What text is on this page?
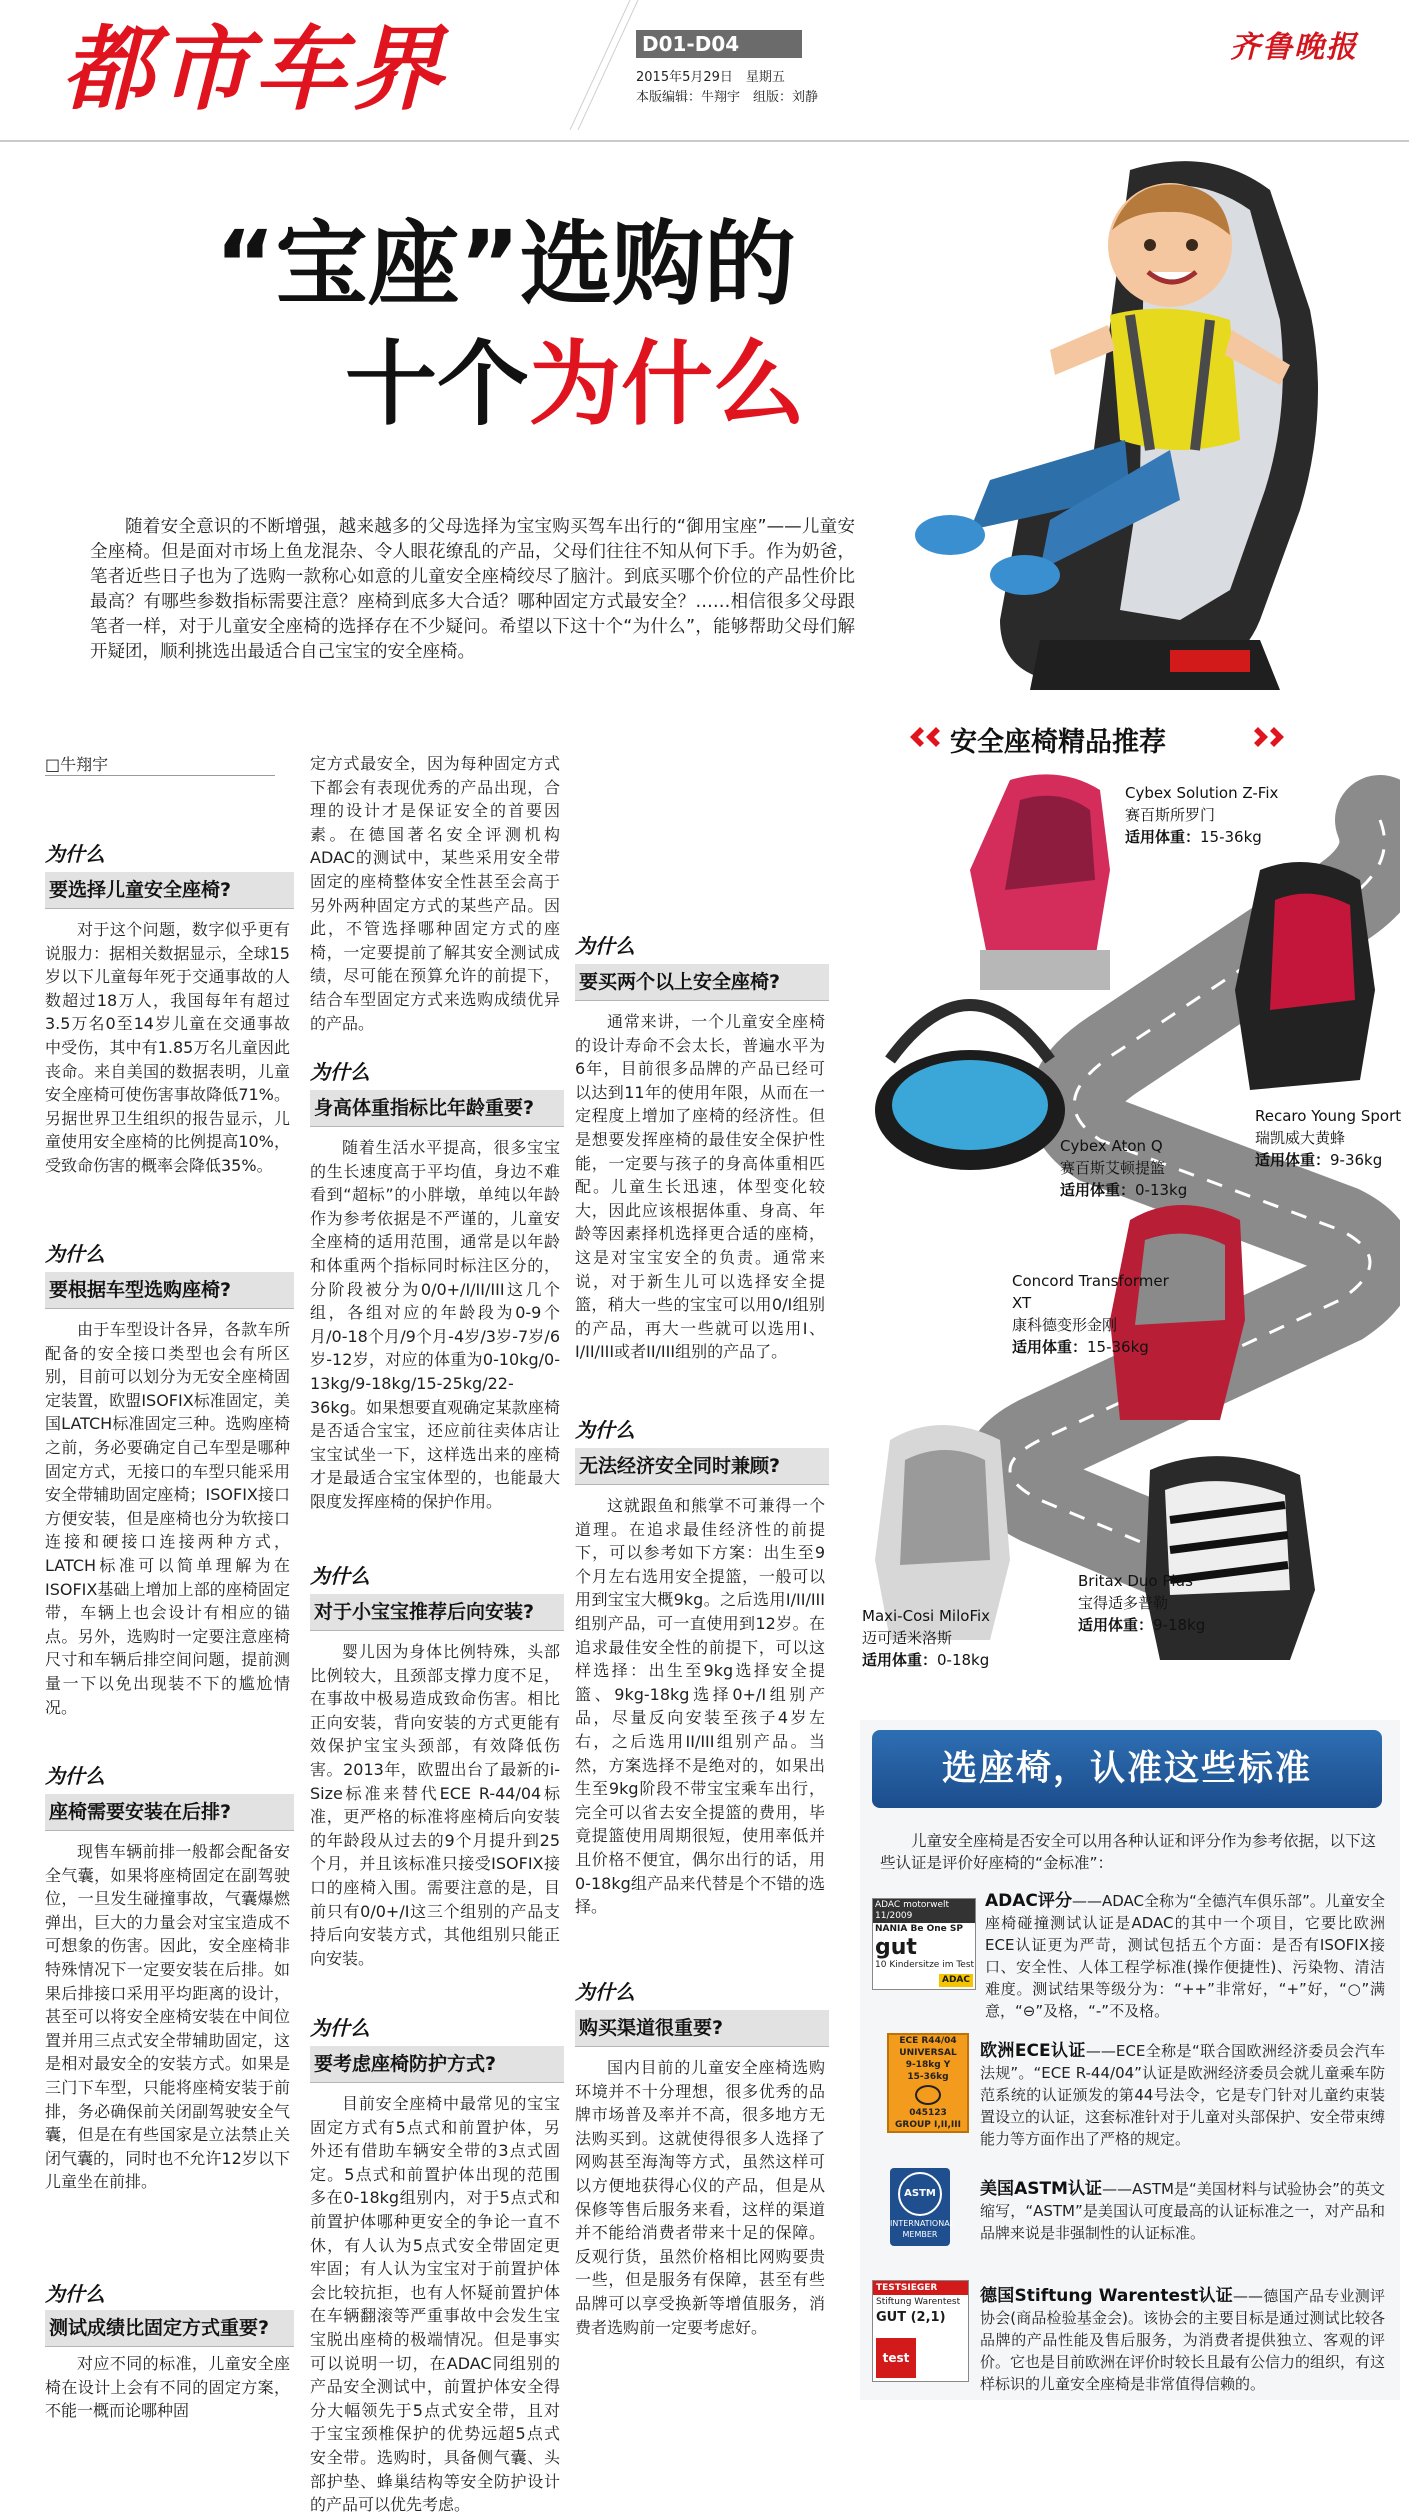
都市车界	D01-D04
2015年5月29日　星期五
本版编辑：牛翔宇　组版：刘静
齐鲁晚报
“宝座”选购的
十个为什么
随着安全意识的不断增强，越来越多的父母选择为宝宝购买驾车出行的“御用宝座”——儿童安全座椅。但是面对市场上鱼龙混杂、令人眼花缭乱的产品，父母们往往不知从何下手。作为奶爸，笔者近些日子也为了选购一款称心如意的儿童安全座椅绞尽了脑汁。到底买哪个价位的产品性价比最高？有哪些参数指标需要注意？座椅到底多大合适？哪种固定方式最安全？……相信很多父母跟笔者一样，对于儿童安全座椅的选择存在不少疑问。希望以下这十个“为什么”，能够帮助父母们解开疑团，顺利挑选出最适合自己宝宝的安全座椅。
□牛翔宇
为什么
要选择儿童安全座椅?

对于这个问题，数字似乎更有说服力：据相关数据显示，全球15岁以下儿童每年死于交通事故的人数超过18万人，我国每年有超过3.5万名0至14岁儿童在交通事故中受伤，其中有1.85万名儿童因此丧命。来自美国的数据表明，儿童安全座椅可使伤害事故降低71%。另据世界卫生组织的报告显示，儿童使用安全座椅的比例提高10%，受致命伤害的概率会降低35%。

为什么
要根据车型选购座椅?

由于车型设计各异，各款车所配备的安全接口类型也会有所区别，目前可以划分为无安全座椅固定装置，欧盟ISOFIX标准固定，美国LATCH标准固定三种。选购座椅之前，务必要确定自己车型是哪种固定方式，无接口的车型只能采用安全带辅助固定座椅；ISOFIX接口方便安装，但是座椅也分为软接口连接和硬接口连接两种方式，LATCH标准可以简单理解为在ISOFIX基础上增加上部的座椅固定带，车辆上也会设计有相应的锚点。另外，选购时一定要注意座椅尺寸和车辆后排空间问题，提前测量一下以免出现装不下的尴尬情况。

为什么
座椅需要安装在后排?

现售车辆前排一般都会配备安全气囊，如果将座椅固定在副驾驶位，一旦发生碰撞事故，气囊爆燃弹出，巨大的力量会对宝宝造成不可想象的伤害。因此，安全座椅非特殊情况下一定要安装在后排。如果后排接口采用平均距离的设计，甚至可以将安全座椅安装在中间位置并用三点式安全带辅助固定，这是相对最安全的安装方式。如果是三门下车型，只能将座椅安装于前排，务必确保前关闭副驾驶安全气囊，但是在有些国家是立法禁止关闭气囊的，同时也不允许12岁以下儿童坐在前排。

为什么
测试成绩比固定方式重要?

对应不同的标准，儿童安全座椅在设计上会有不同的固定方案，不能一概而论哪种固

定方式最安全，因为每种固定方式下都会有表现优秀的产品出现，合理的设计才是保证安全的首要因素。在德国著名安全评测机构ADAC的测试中，某些采用安全带固定的座椅整体安全性甚至会高于另外两种固定方式的某些产品。因此，不管选择哪种固定方式的座椅，一定要提前了解其安全测试成绩，尽可能在预算允许的前提下，结合车型固定方式来选购成绩优异的产品。

为什么
身高体重指标比年龄重要?

随着生活水平提高，很多宝宝的生长速度高于平均值，身边不难看到“超标”的小胖墩，单纯以年龄作为参考依据是不严谨的，儿童安全座椅的适用范围，通常是以年龄和体重两个指标同时标注区分的，分阶段被分为0/0+/I/II/III这几个组，各组对应的年龄段为0-9个月/0-18个月/9个月-4岁/3岁-7岁/6岁-12岁，对应的体重为0-10kg/0-13kg/9-18kg/15-25kg/22-36kg。如果想要直观确定某款座椅是否适合宝宝，还应前往卖体店让宝宝试坐一下，这样选出来的座椅才是最适合宝宝体型的，也能最大限度发挥座椅的保护作用。

为什么
对于小宝宝推荐后向安装?

婴儿因为身体比例特殊，头部比例较大，且颈部支撑力度不足，在事故中极易造成致命伤害。相比正向安装，背向安装的方式更能有效保护宝宝头颈部，有效降低伤害。2013年，欧盟出台了最新的i-Size标准来替代ECE R-44/04标准，更严格的标准将座椅后向安装的年龄段从过去的9个月提升到25个月，并且该标准只接受ISOFIX接口的座椅入围。需要注意的是，目前只有0/0+/I这三个组别的产品支持后向安装方式，其他组别只能正向安装。

为什么
要考虑座椅防护方式?

目前安全座椅中最常见的宝宝固定方式有5点式和前置护体，另外还有借助车辆安全带的3点式固定。5点式和前置护体出现的范围多在0-18kg组别内，对于5点式和前置护体哪种更安全的争论一直不休，有人认为5点式安全带固定更牢固；有人认为宝宝对于前置护体会比较抗拒，也有人怀疑前置护体在车辆翻滚等严重事故中会发生宝宝脱出座椅的极端情况。但是事实可以说明一切，在ADAC同组别的产品安全测试中，前置护体安全得分大幅领先于5点式安全带，且对于宝宝颈椎保护的优势远超5点式安全带。选购时，具备侧气囊、头部护垫、蜂巢结构等安全防护设计的产品可以优先考虑。

为什么
要买两个以上安全座椅?

通常来讲，一个儿童安全座椅的设计寿命不会太长，普遍水平为6年，目前很多品牌的产品已经可以达到11年的使用年限，从而在一定程度上增加了座椅的经济性。但是想要发挥座椅的最佳安全保护性能，一定要与孩子的身高体重相匹配。儿童生长迅速，体型变化较大，因此应该根据体重、身高、年龄等因素择机选择更合适的座椅，这是对宝宝安全的负责。通常来说，对于新生儿可以选择安全提篮，稍大一些的宝宝可以用0/I组别的产品，再大一些就可以选用I、I/II/III或者II/III组别的产品了。

为什么
无法经济安全同时兼顾?

这就跟鱼和熊掌不可兼得一个道理。在追求最佳经济性的前提下，可以参考如下方案：出生至9个月左右选用安全提篮，一般可以用到宝宝大概9kg。之后选用I/II/III组别产品，可一直使用到12岁。在追求最佳安全性的前提下，可以这样选择：出生至9kg选择安全提篮、9kg-18kg选择0+/I组别产品，尽量反向安装至孩子4岁左右，之后选用II/III组别产品。当然，方案选择不是绝对的，如果出生至9kg阶段不带宝宝乘车出行，完全可以省去安全提篮的费用，毕竟提篮使用周期很短，使用率低并且价格不便宜，偶尔出行的话，用0-18kg组产品来代替是个不错的选择。

为什么
购买渠道很重要?

国内目前的儿童安全座椅选购环境并不十分理想，很多优秀的品牌市场普及率并不高，很多地方无法购买到。这就使得很多人选择了网购甚至海淘等方式，虽然这样可以方便地获得心仪的产品，但是从保修等售后服务来看，这样的渠道并不能给消费者带来十足的保障。反观行货，虽然价格相比网购要贵一些，但是服务有保障，甚至有些品牌可以享受换新等增值服务，消费者选购前一定要考虑好。

安全座椅精品推荐
Cybex Solution Z-Fix
赛百斯所罗门
适用体重：15-36kg
Recaro Young Sport
瑞凯威大黄蜂
适用体重：9-36kg
Cybex Aton Q
赛百斯艾顿提篮
适用体重：0-13kg
Concord Transformer XT
康科德变形金刚
适用体重：15-36kg
Maxi-Cosi MiloFix
迈可适米洛斯
适用体重：0-18kg
Britax Duo Plus
宝得适多普勒
适用体重：9-18kg
选座椅，认准这些标准
儿童安全座椅是否安全可以用各种认证和评分作为参考依据，以下这些认证是评价好座椅的“金标准”：
ADAC motorwelt 11/2009
NANIA Be One SP
gut
10 Kindersitze im Test
ADAC
ADAC评分——ADAC全称为“全德汽车俱乐部”。儿童安全座椅碰撞测试认证是ADAC的其中一个项目，它要比欧洲ECE认证更为严苛，测试包括五个方面：是否有ISOFIX接口、安全性、人体工程学标准(操作便捷性)、污染物、清洁难度。测试结果等级分为：“++”非常好，“+”好，“○”满意，“⊖”及格，“-”不及格。
ECE R44/04
UNIVERSAL
9-18kg Y
15-36kg
045123
GROUP I,II,III
欧洲ECE认证——ECE全称是“联合国欧洲经济委员会汽车法规”。“ECE R-44/04”认证是欧洲经济委员会就儿童乘车防范系统的认证颁发的第44号法令，它是专门针对儿童约束装置设立的认证，这套标准针对于儿童对头部保护、安全带束缚能力等方面作出了严格的规定。
ASTM
INTERNATIONAL
MEMBER
美国ASTM认证——ASTM是“美国材料与试验协会”的英文缩写，“ASTM”是美国认可度最高的认证标准之一，对产品和品牌来说是非强制性的认证标准。
TESTSIEGER
Stiftung Warentest
GUT (2,1)
test
德国Stiftung Warentest认证——德国产品专业测评协会(商品检验基金会)。该协会的主要目标是通过测试比较各品牌的产品性能及售后服务，为消费者提供独立、客观的评价。它也是目前欧洲在评价时较长且最有公信力的组织，有这样标识的儿童安全座椅是非常值得信赖的。
